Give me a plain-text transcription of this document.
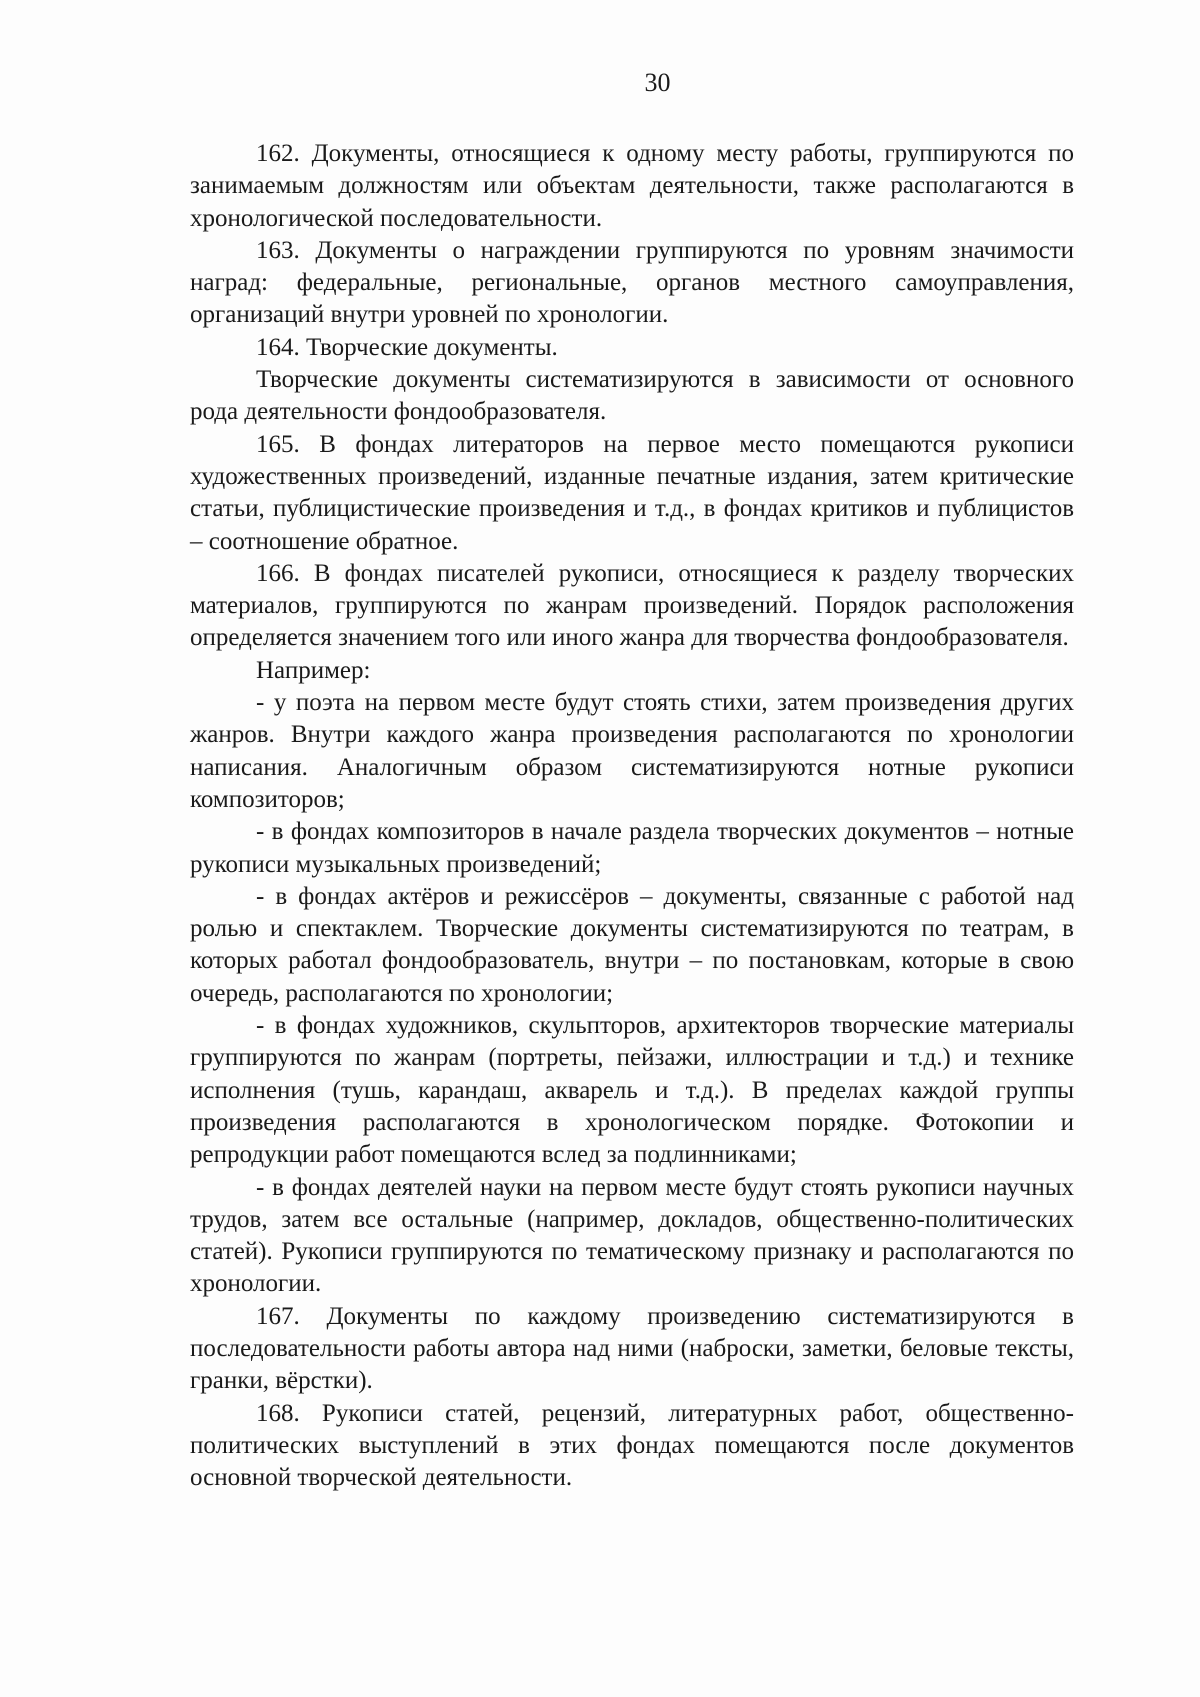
30

162. Документы, относящиеся к одному месту работы, группируются по занимаемым должностям или объектам деятельности, также располагаются в хронологической последовательности.

163. Документы о награждении группируются по уровням значимости наград: федеральные, региональные, органов местного самоуправления, организаций внутри уровней по хронологии.

164. Творческие документы.

Творческие документы систематизируются в зависимости от основного рода деятельности фондообразователя.

165. В фондах литераторов на первое место помещаются рукописи художественных произведений, изданные печатные издания, затем критические статьи, публицистические произведения и т.д., в фондах критиков и публицистов – соотношение обратное.

166. В фондах писателей рукописи, относящиеся к разделу творческих материалов, группируются по жанрам произведений. Порядок расположения определяется значением того или иного жанра для творчества фондообразователя.

Например:

- у поэта на первом месте будут стоять стихи, затем произведения других жанров. Внутри каждого жанра произведения располагаются по хронологии написания. Аналогичным образом систематизируются нотные рукописи композиторов;

- в фондах композиторов в начале раздела творческих документов – нотные рукописи музыкальных произведений;

- в фондах актёров и режиссёров – документы, связанные с работой над ролью и спектаклем. Творческие документы систематизируются по театрам, в которых работал фондообразователь, внутри – по постановкам, которые в свою очередь, располагаются по хронологии;

- в фондах художников, скульпторов, архитекторов творческие материалы группируются по жанрам (портреты, пейзажи, иллюстрации и т.д.) и технике исполнения (тушь, карандаш, акварель и т.д.). В пределах каждой группы произведения располагаются в хронологическом порядке. Фотокопии и репродукции работ помещаются вслед за подлинниками;

- в фондах деятелей науки на первом месте будут стоять рукописи научных трудов, затем все остальные (например, докладов, общественно-политических статей). Рукописи группируются по тематическому признаку и располагаются по хронологии.

167. Документы по каждому произведению систематизируются в последовательности работы автора над ними (наброски, заметки, беловые тексты, гранки, вёрстки).

168. Рукописи статей, рецензий, литературных работ, общественно-политических выступлений в этих фондах помещаются после документов основной творческой деятельности.
